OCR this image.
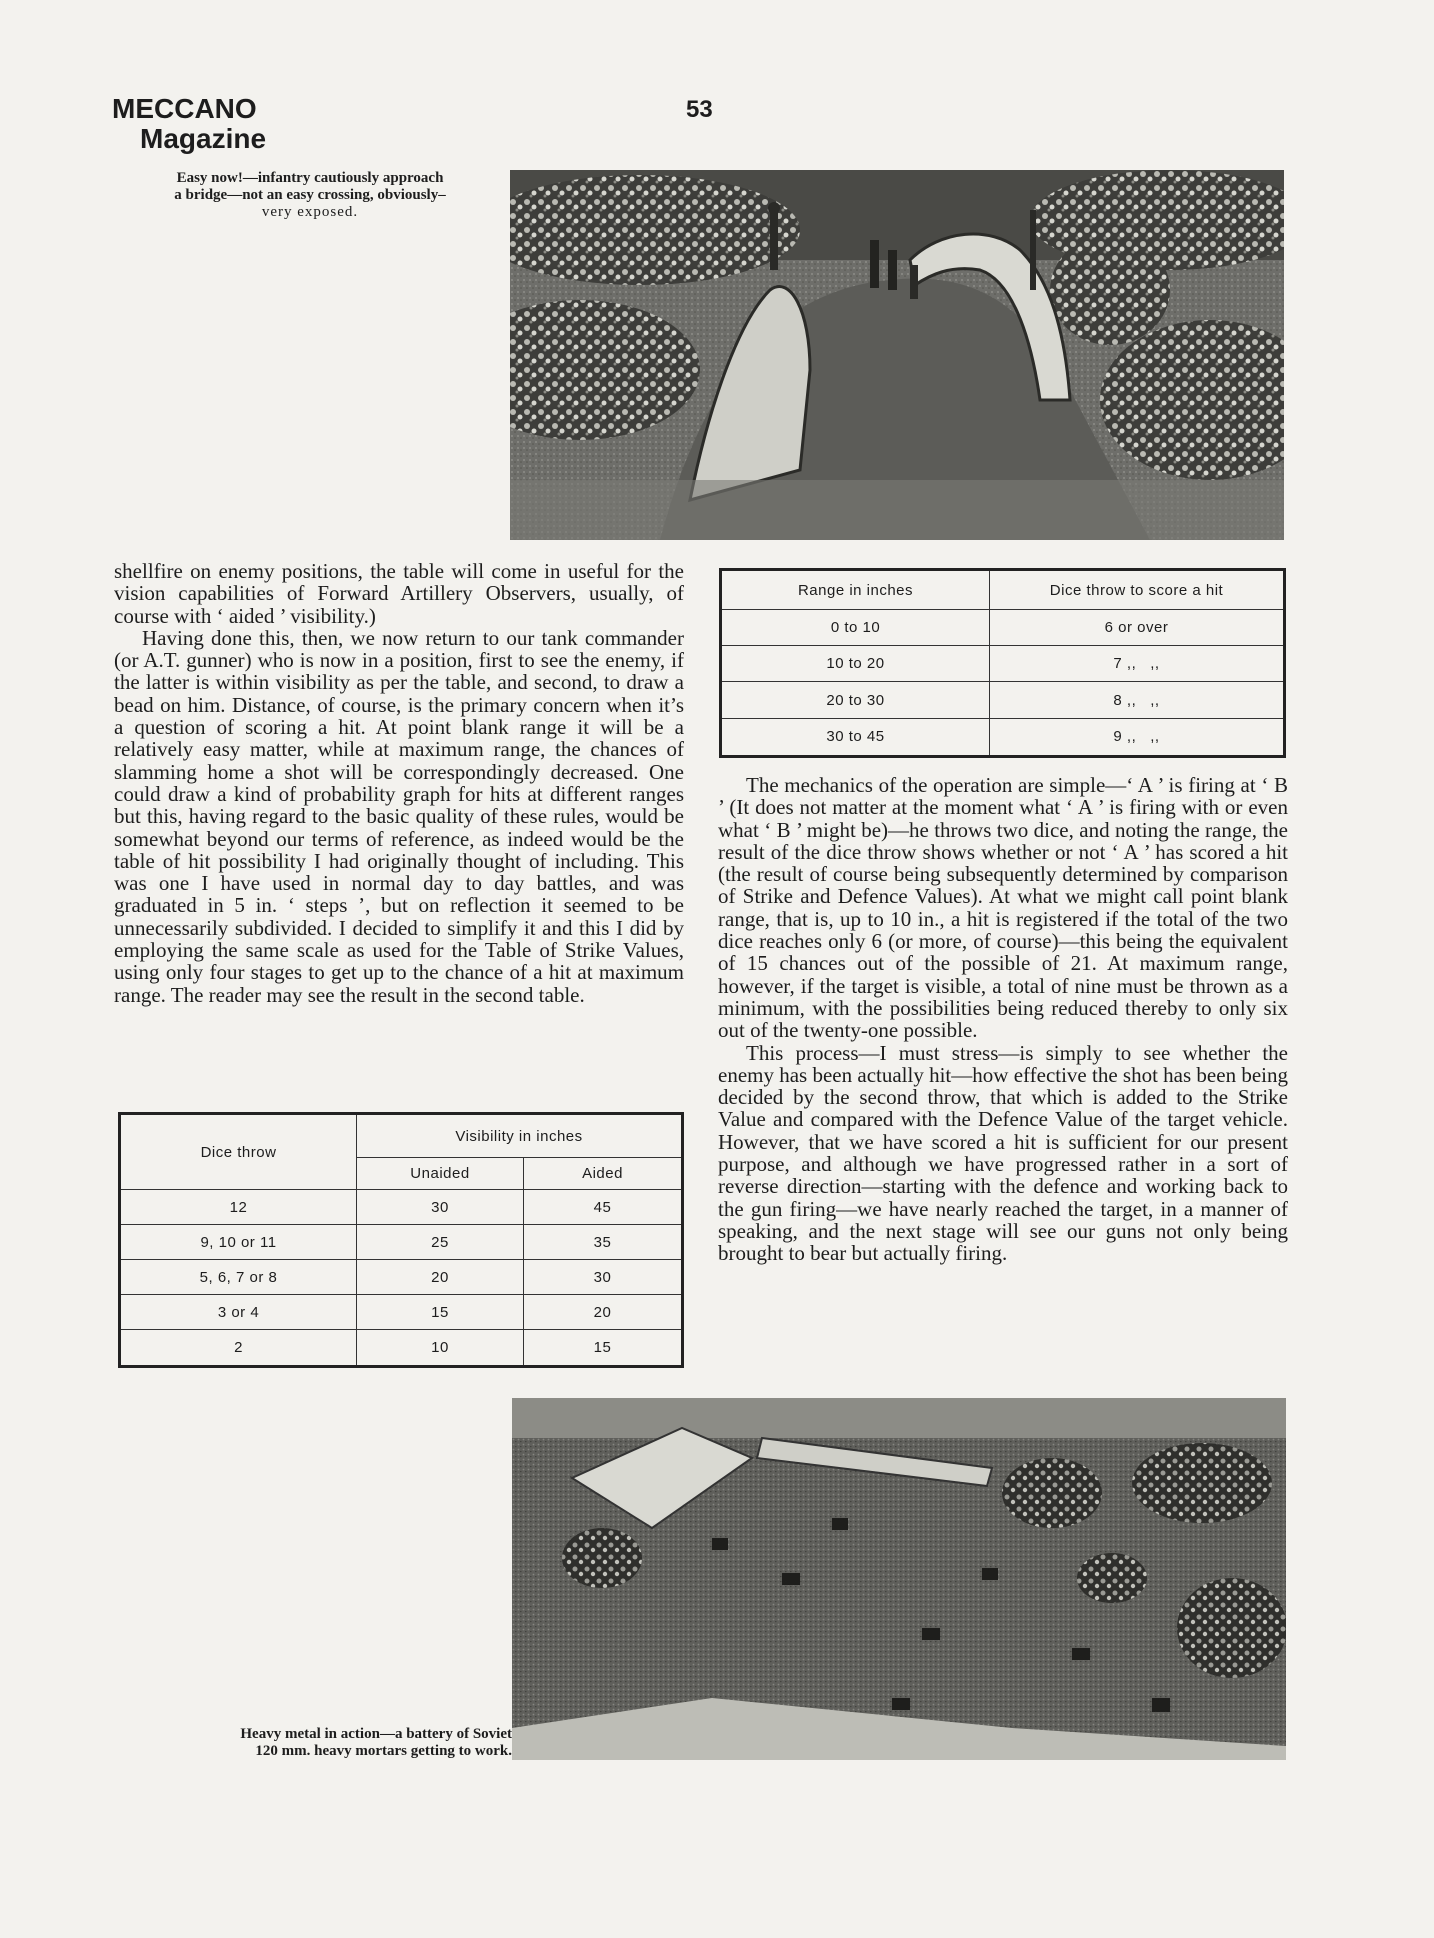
MECCANO
Magazine
53
Easy now!—infantry cautiously approach
a bridge—not an easy crossing, obviously–
very exposed.

shellfire on enemy positions, the table will come in useful for the vision capabilities of Forward Artillery Observers, usually, of course with ‘ aided ’ visibility.)

Having done this, then, we now return to our tank commander (or A.T. gunner) who is now in a position, first to see the enemy, if the latter is within visibility as per the table, and second, to draw a bead on him. Distance, of course, is the primary concern when it’s a question of scoring a hit. At point blank range it will be a relatively easy matter, while at maximum range, the chances of slamming home a shot will be correspondingly decreased. One could draw a kind of probability graph for hits at different ranges but this, having regard to the basic quality of these rules, would be somewhat beyond our terms of reference, as indeed would be the table of hit possibility I had originally thought of including. This was one I have used in normal day to day battles, and was graduated in 5 in. ‘ steps ’, but on reflection it seemed to be unnecessarily subdivided. I decided to simplify it and this I did by employing the same scale as used for the Table of Strike Values, using only four stages to get up to the chance of a hit at maximum range. The reader may see the result in the second table.

Range in inches	Dice throw to score a hit
0 to 10	6 or over
10 to 20	7 ,,   ,,
20 to 30	8 ,,   ,,
30 to 45	9 ,,   ,,

The mechanics of the operation are simple—‘ A ’ is firing at ‘ B ’ (It does not matter at the moment what ‘ A ’ is firing with or even what ‘ B ’ might be)—he throws two dice, and noting the range, the result of the dice throw shows whether or not ‘ A ’ has scored a hit (the result of course being subsequently determined by comparison of Strike and Defence Values). At what we might call point blank range, that is, up to 10 in., a hit is registered if the total of the two dice reaches only 6 (or more, of course)—this being the equivalent of 15 chances out of the possible of 21. At maximum range, however, if the target is visible, a total of nine must be thrown as a minimum, with the possibilities being reduced thereby to only six out of the twenty-one possible.

This process—I must stress—is simply to see whether the enemy has been actually hit—how effective the shot has been being decided by the second throw, that which is added to the Strike Value and compared with the Defence Value of the target vehicle. However, that we have scored a hit is sufficient for our present purpose, and although we have progressed rather in a sort of reverse direction—starting with the defence and working back to the gun firing—we have nearly reached the target, in a manner of speaking, and the next stage will see our guns not only being brought to bear but actually firing.

Dice throw	Visibility in inches	
	Unaided	Aided
12	30	45
9, 10 or 11	25	35
5, 6, 7 or 8	20	30
3 or 4	15	20
2	10	15
Heavy metal in action—a battery of Soviet
120 mm. heavy mortars getting to work.
